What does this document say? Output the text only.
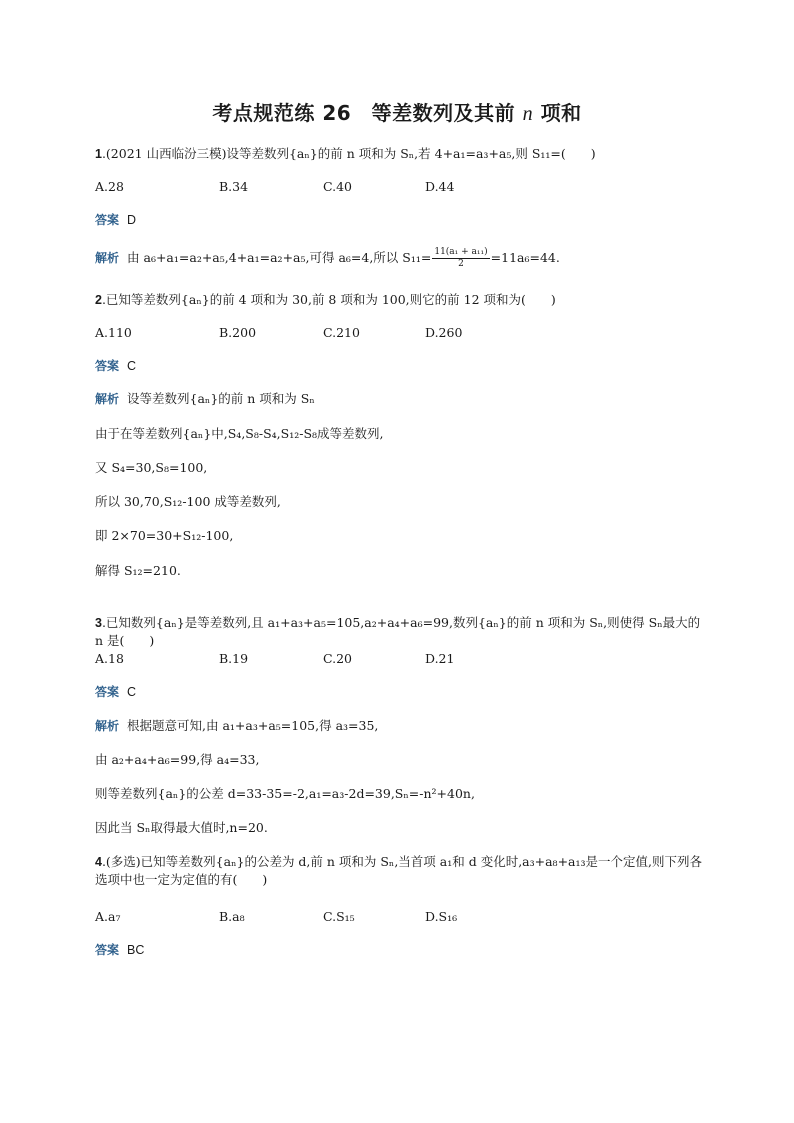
考点规范练 26　等差数列及其前 n 项和
1.(2021 山西临汾三模)设等差数列{aₙ}的前 n 项和为 Sₙ,若 4+a₁=a₃+a₅,则 S₁₁=(　　)
A.28	B.34	C.40	D.44
答案 D
解析 由 a₆+a₁=a₂+a₅,4+a₁=a₂+a₅,可得 a₆=4,所以 $S_{11}= \frac{\text{11(a₁ + a₁₁)}}{2} =11a_6=44$.
2.已知等差数列{aₙ}的前 4 项和为 30,前 8 项和为 100,则它的前 12 项和为(　　)
A.110	B.200	C.210	D.260
答案 C
解析 设等差数列{aₙ}的前 n 项和为 Sₙ
由于在等差数列{aₙ}中,S₄,S₈-S₄,S₁₂-S₈成等差数列,
又 S₄=30,S₈=100,
所以 30,70,S₁₂-100 成等差数列,
即 2×70=30+S₁₂-100,
解得 S₁₂=210.
3.已知数列{aₙ}是等差数列,且 a₁+a₃+a₅=105,a₂+a₄+a₆=99,数列{aₙ}的前 n 项和为 Sₙ,则使得 Sₙ最大的 n 是(　　)
A.18	B.19	C.20	D.21
答案 C
解析 根据题意可知,由 a₁+a₃+a₅=105,得 a₃=35,
由 a₂+a₄+a₆=99,得 a₄=33,
则等差数列{aₙ}的公差 d=33-35=-2,a₁=a₃-2d=39,Sₙ=-n²+40n,
因此当 Sₙ取得最大值时,n=20.
4.(多选)已知等差数列{aₙ}的公差为 d,前 n 项和为 Sₙ,当首项 a₁和 d 变化时,a₃+a₈+a₁₃是一个定值,则下列各选项中也一定为定值的有(　　)
A.a₇	B.a₈	C.S₁₅	D.S₁₆
答案 BC
